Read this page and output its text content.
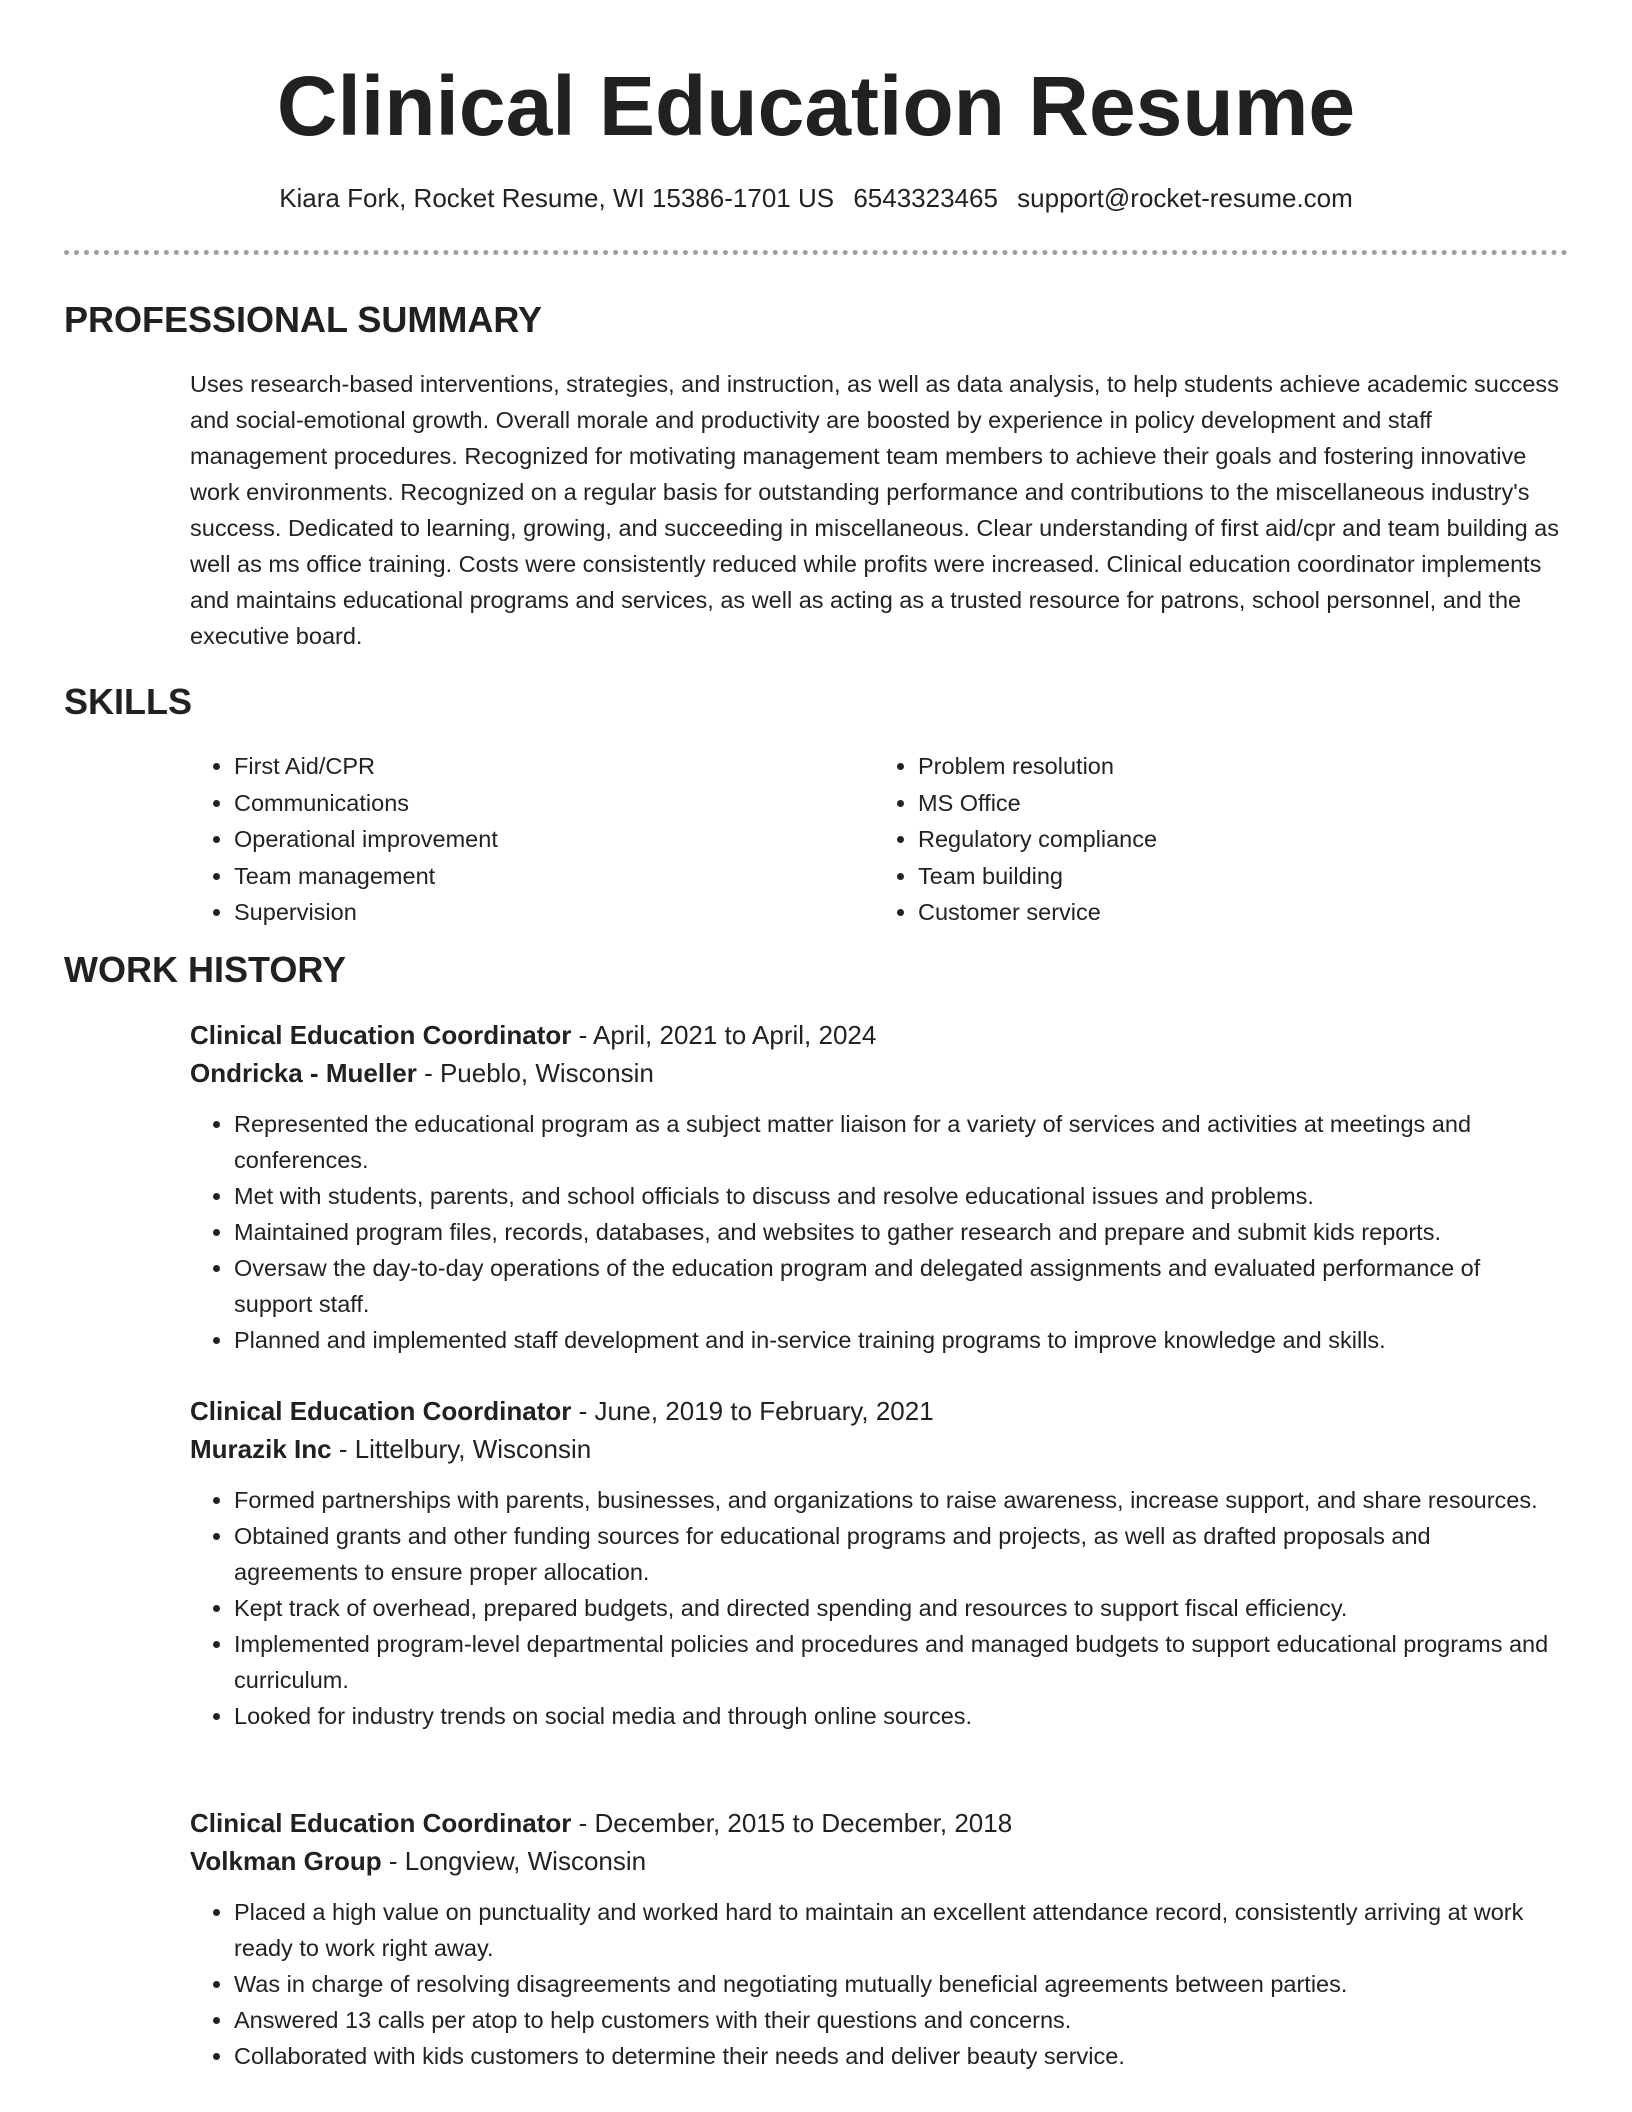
Clinical Education Resume
Kiara Fork, Rocket Resume, WI 15386-1701 US 6543323465 support@rocket-resume.com
PROFESSIONAL SUMMARY

Uses research-based interventions, strategies, and instruction, as well as data analysis, to help students achieve academic success and social-emotional growth. Overall morale and productivity are boosted by experience in policy development and staff management procedures. Recognized for motivating management team members to achieve their goals and fostering innovative work environments. Recognized on a regular basis for outstanding performance and contributions to the miscellaneous industry's success. Dedicated to learning, growing, and succeeding in miscellaneous. Clear understanding of first aid/cpr and team building as well as ms office training. Costs were consistently reduced while profits were increased. Clinical education coordinator implements and maintains educational programs and services, as well as acting as a trusted resource for patrons, school personnel, and the executive board.

SKILLS
• First Aid/CPR
• Communications
• Operational improvement
• Team management
• Supervision
• Problem resolution
• MS Office
• Regulatory compliance
• Team building
• Customer service
WORK HISTORY
Clinical Education Coordinator - April, 2021 to April, 2024
Ondricka - Mueller - Pueblo, Wisconsin
• Represented the educational program as a subject matter liaison for a variety of services and activities at meetings and conferences.
• Met with students, parents, and school officials to discuss and resolve educational issues and problems.
• Maintained program files, records, databases, and websites to gather research and prepare and submit kids reports.
• Oversaw the day-to-day operations of the education program and delegated assignments and evaluated performance of support staff.
• Planned and implemented staff development and in-service training programs to improve knowledge and skills.
Clinical Education Coordinator - June, 2019 to February, 2021
Murazik Inc - Littelbury, Wisconsin
• Formed partnerships with parents, businesses, and organizations to raise awareness, increase support, and share resources.
• Obtained grants and other funding sources for educational programs and projects, as well as drafted proposals and agreements to ensure proper allocation.
• Kept track of overhead, prepared budgets, and directed spending and resources to support fiscal efficiency.
• Implemented program-level departmental policies and procedures and managed budgets to support educational programs and curriculum.
• Looked for industry trends on social media and through online sources.
Clinical Education Coordinator - December, 2015 to December, 2018
Volkman Group - Longview, Wisconsin
• Placed a high value on punctuality and worked hard to maintain an excellent attendance record, consistently arriving at work ready to work right away.
• Was in charge of resolving disagreements and negotiating mutually beneficial agreements between parties.
• Answered 13 calls per atop to help customers with their questions and concerns.
• Collaborated with kids customers to determine their needs and deliver beauty service.
